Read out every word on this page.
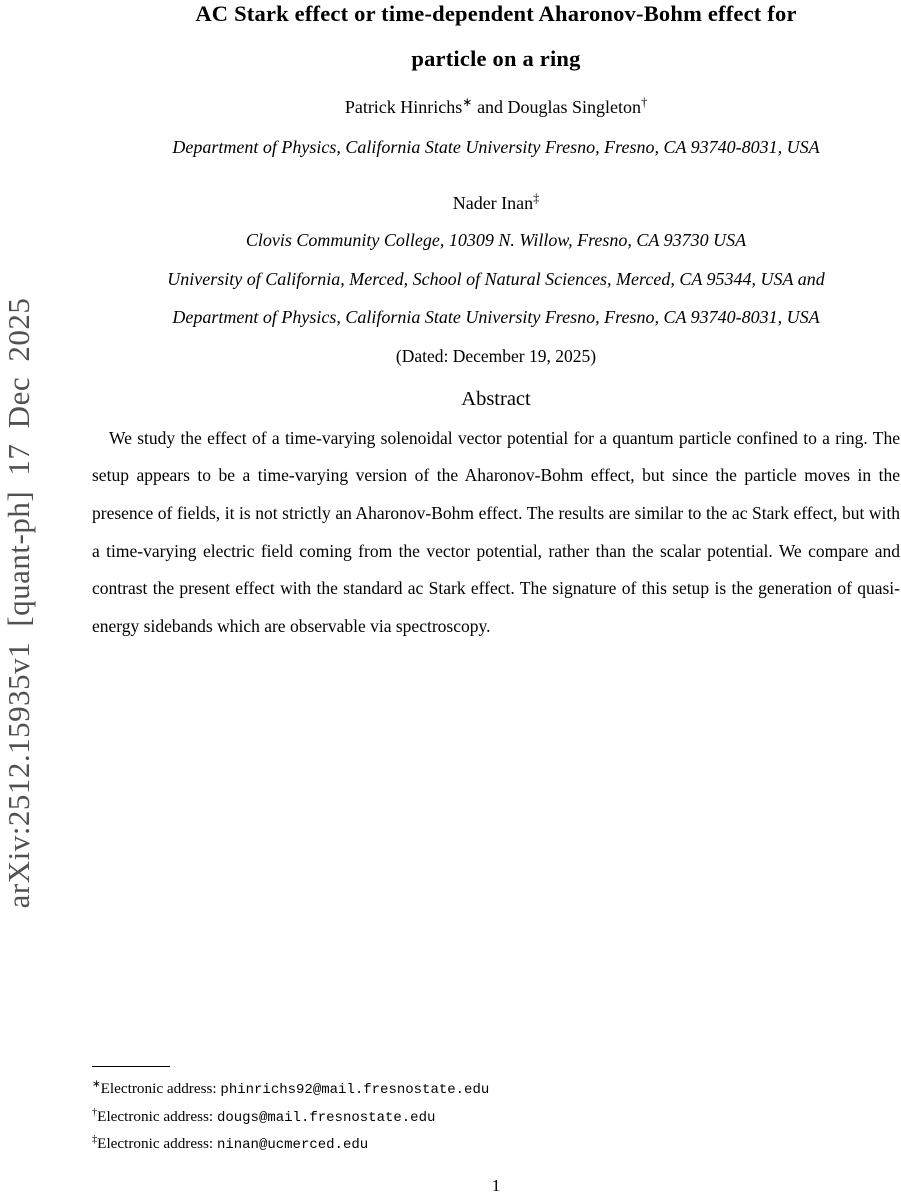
arXiv:2512.15935v1 [quant-ph] 17 Dec 2025
AC Stark effect or time-dependent Aharonov-Bohm effect for
particle on a ring
Patrick Hinrichs∗ and Douglas Singleton†
Department of Physics, California State University Fresno, Fresno, CA 93740-8031, USA
Nader Inan‡
Clovis Community College, 10309 N. Willow, Fresno, CA 93730 USA
University of California, Merced, School of Natural Sciences, Merced, CA 95344, USA and
Department of Physics, California State University Fresno, Fresno, CA 93740-8031, USA
(Dated: December 19, 2025)
Abstract
We study the effect of a time-varying solenoidal vector potential for a quantum particle confined to a ring. The setup appears to be a time-varying version of the Aharonov-Bohm effect, but since the particle moves in the presence of fields, it is not strictly an Aharonov-Bohm effect. The results are similar to the ac Stark effect, but with a time-varying electric field coming from the vector potential, rather than the scalar potential. We compare and contrast the present effect with the standard ac Stark effect. The signature of this setup is the generation of quasi-energy sidebands which are observable via spectroscopy.
∗Electronic address: phinrichs92@mail.fresnostate.edu
†Electronic address: dougs@mail.fresnostate.edu
‡Electronic address: ninan@ucmerced.edu
1
